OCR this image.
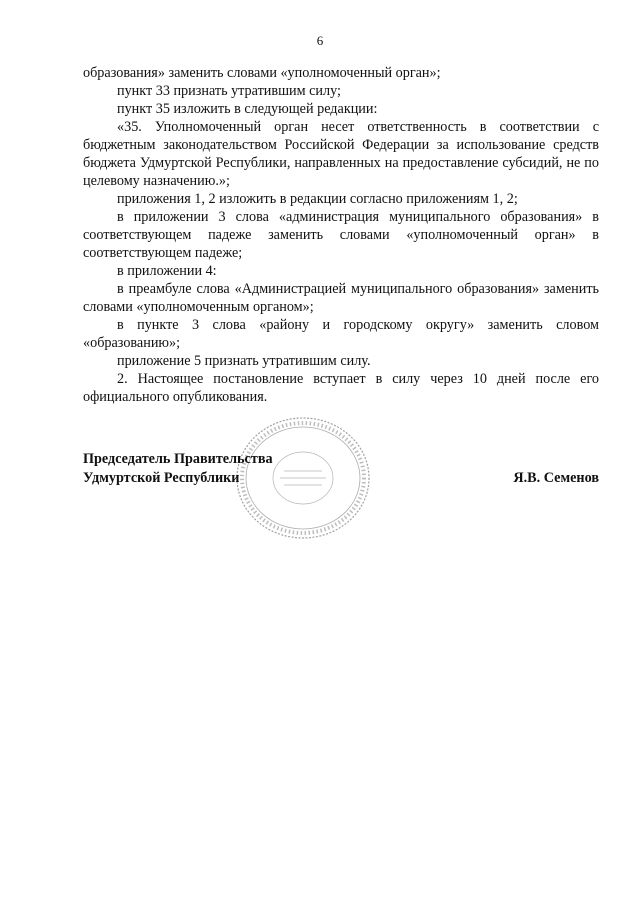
6

образования» заменить словами «уполномоченный орган»;

пункт 33 признать утратившим силу;

пункт 35 изложить в следующей редакции:

«35. Уполномоченный орган несет ответственность в соответствии с бюджетным законодательством Российской Федерации за использование средств бюджета Удмуртской Республики, направленных на предоставление субсидий, не по целевому назначению.»;

приложения 1, 2 изложить в редакции согласно приложениям 1, 2;

в приложении 3 слова «администрация муниципального образования» в соответствующем падеже заменить словами «уполномоченный орган» в соответствующем падеже;

в приложении 4:

в преамбуле слова «Администрацией муниципального образования» заменить словами «уполномоченным органом»;

в пункте 3 слова «району и городскому округу» заменить словом «образованию»;

приложение 5 признать утратившим силу.

2. Настоящее постановление вступает в силу через 10 дней после его официального опубликования.

Председатель Правительства
Удмуртской Республики	Я.В. Семенов
